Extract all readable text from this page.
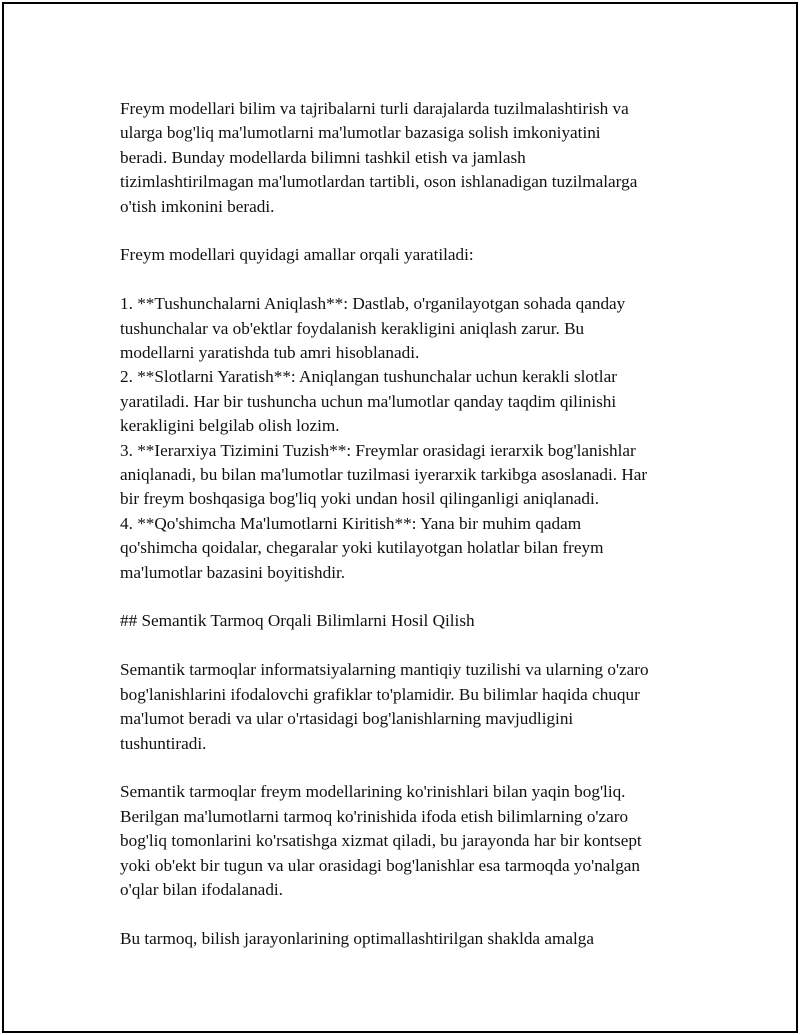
Freym modellari bilim va tajribalarni turli darajalarda tuzilmalashtirish va
ularga bog'liq ma'lumotlarni ma'lumotlar bazasiga solish imkoniyatini
beradi. Bunday modellarda bilimni tashkil etish va jamlash
tizimlashtirilmagan ma'lumotlardan tartibli, oson ishlanadigan tuzilmalarga
o'tish imkonini beradi.

Freym modellari quyidagi amallar orqali yaratiladi:

1. **Tushunchalarni Aniqlash**: Dastlab, o'rganilayotgan sohada qanday
tushunchalar va ob'ektlar foydalanish kerakligini aniqlash zarur. Bu
modellarni yaratishda tub amri hisoblanadi.

2. **Slotlarni Yaratish**: Aniqlangan tushunchalar uchun kerakli slotlar
yaratiladi. Har bir tushuncha uchun ma'lumotlar qanday taqdim qilinishi
kerakligini belgilab olish lozim.

3. **Ierarxiya Tizimini Tuzish**: Freymlar orasidagi ierarxik bog'lanishlar
aniqlanadi, bu bilan ma'lumotlar tuzilmasi iyerarxik tarkibga asoslanadi. Har
bir freym boshqasiga bog'liq yoki undan hosil qilinganligi aniqlanadi.

4. **Qo'shimcha Ma'lumotlarni Kiritish**: Yana bir muhim qadam
qo'shimcha qoidalar, chegaralar yoki kutilayotgan holatlar bilan freym
ma'lumotlar bazasini boyitishdir.

## Semantik Tarmoq Orqali Bilimlarni Hosil Qilish

Semantik tarmoqlar informatsiyalarning mantiqiy tuzilishi va ularning o'zaro
bog'lanishlarini ifodalovchi grafiklar to'plamidir. Bu bilimlar haqida chuqur
ma'lumot beradi va ular o'rtasidagi bog'lanishlarning mavjudligini
tushuntiradi.

Semantik tarmoqlar freym modellarining ko'rinishlari bilan yaqin bog'liq.
Berilgan ma'lumotlarni tarmoq ko'rinishida ifoda etish bilimlarning o'zaro
bog'liq tomonlarini ko'rsatishga xizmat qiladi, bu jarayonda har bir kontsept
yoki ob'ekt bir tugun va ular orasidagi bog'lanishlar esa tarmoqda yo'nalgan
o'qlar bilan ifodalanadi.

Bu tarmoq, bilish jarayonlarining optimallashtirilgan shaklda amalga
